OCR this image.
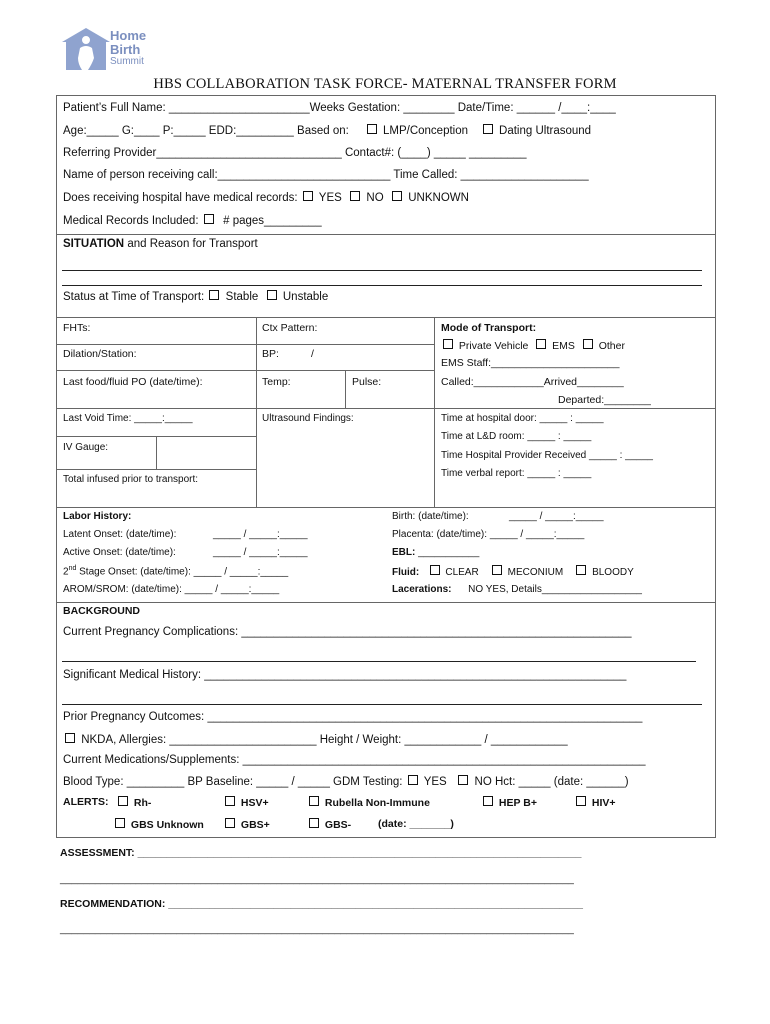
Home
Birth
Summit
HBS COLLABORATION TASK FORCE- MATERNAL TRANSFER FORM
Patient’s Full Name: ______________________Weeks Gestation: ________ Date/Time: ______ /____:____
Age:_____ G:____ P:_____ EDD:_________ Based on:	LMP/Conception	Dating Ultrasound
Referring Provider_____________________________ Contact#: (____) _____ _________
Name of person receiving call:___________________________ Time Called: ____________________
Does receiving hospital have medical records: YES NO UNKNOWN
Medical Records Included: # pages_________
SITUATION and Reason for Transport
Status at Time of Transport: Stable Unstable
FHTs:	Ctx Pattern:
Dilation/Station:	BP:	/
Last food/fluid PO (date/time):	Temp:	Pulse:
Mode of Transport:
Private Vehicle EMS Other
EMS Staff:______________________
Called:____________Arrived________
Departed:________
Last Void Time: _____:_____
IV Gauge:
Total infused prior to transport:
Ultrasound Findings:	Time at hospital door: _____ : _____
Time at L&D room: _____ : _____
Time Hospital Provider Received _____ : _____
Time verbal report: _____ : _____
Labor History:
Latent Onset: (date/time):	_____ / _____:_____
Active Onset: (date/time):	_____ / _____:_____
2nd Stage Onset: (date/time): _____ / _____:_____
AROM/SROM: (date/time): _____ / _____:_____
Birth: (date/time):	_____ / _____:_____
Placenta: (date/time): _____ / _____:_____
EBL: ___________
Fluid:	CLEAR	MECONIUM	BLOODY
Lacerations: NO YES, Details__________________
BACKGROUND
Current Pregnancy Complications: _____________________________________________________________
Significant Medical History: __________________________________________________________________
Prior Pregnancy Outcomes: ____________________________________________________________________
NKDA, Allergies: _______________________ Height / Weight: ____________ / ____________
Current Medications/Supplements: _______________________________________________________________
Blood Type: _________ BP Baseline: _____ / _____ GDM Testing: YES NO Hct: _____ (date: ______)
ALERTS:	Rh-	HSV+	Rubella Non-Immune	HEP B+	HIV+
GBS Unknown	GBS+	GBS-	(date: _______)
ASSESSMENT: ____________________________________________________________________________
________________________________________________________________________________________
RECOMMENDATION: _______________________________________________________________________
________________________________________________________________________________________
